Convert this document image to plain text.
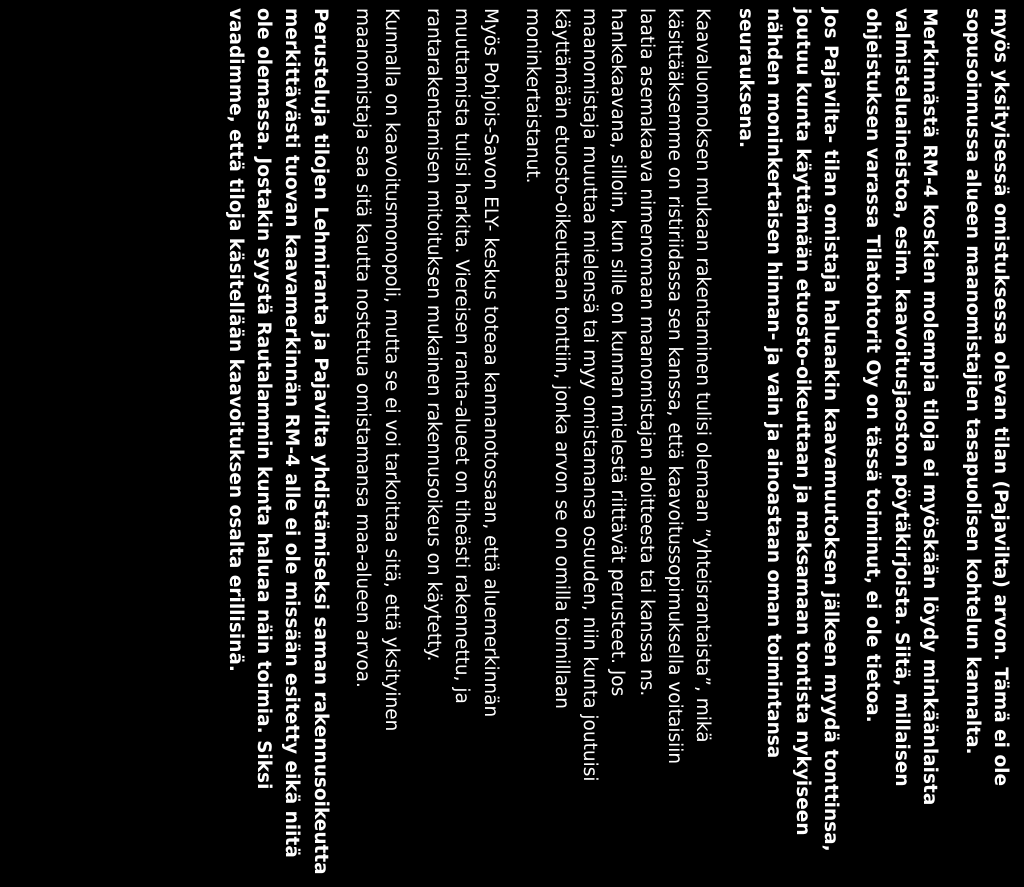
myös yksityisessä omistuksessa olevan tilan (Pajavilta) arvon. Tämä ei ole
sopusoinnussa alueen maanomistajien tasapuolisen kohtelun kannalta.
Merkinnästä RM-4 koskien molempia tiloja ei myöskään löydy minkäänlaista
valmisteluaineistoa, esim. kaavoitusjaoston pöytäkirjoista. Siitä, millaisen
ohjeistuksen varassa Tilatohtorit Oy on tässä toiminut, ei ole tietoa.
Jos Pajavilta- tilan omistaja haluaakin kaavamuutoksen jälkeen myydä tonttinsa,
joutuu kunta käyttämään etuosto-oikeuttaan ja maksamaan tontista nykyiseen
nähden moninkertaisen hinnan- ja vain ja ainoastaan oman toimintansa
seurauksena.
Kaavaluonnoksen mukaan rakentaminen tulisi olemaan ”yhteisrantaista”, mikä
käsittääksemme on ristiriidassa sen kanssa, että kaavoitussopimuksella voitaisiin
laatia asemakaava nimenomaan maanomistajan aloitteesta tai kanssa ns.
hankekaavana, silloin, kun sille on kunnan mielestä riittävät perusteet. Jos
maanomistaja muuttaa mielensä tai myy omistamansa osuuden, niin kunta joutuisi
käyttämään etuosto-oikeuttaan tonttiin, jonka arvon se on omilla toimillaan
moninkertaistanut.
Myös Pohjois-Savon ELY- keskus toteaa kannanotossaan, että aluemerkinnän
muuttamista tulisi harkita. Viereisen ranta-alueet on tiheästi rakennettu, ja
rantarakentamisen mitoituksen mukainen rakennusoikeus on käytetty.
Kunnalla on kaavoitusmonopoli, mutta se ei voi tarkoittaa sitä, että yksityinen
maanomistaja saa sitä kautta nostettua omistamansa maa-alueen arvoa.
Perusteluja tilojen Lehmiranta ja Pajavilta yhdistämiseksi saman rakennusoikeutta
merkittävästi tuovan kaavamerkinnän RM-4 alle ei ole missään esitetty eikä niitä
ole olemassa. Jostakin syystä Rautalammin kunta haluaa näin toimia. Siksi
vaadimme, että tiloja käsitellään kaavoituksen osalta erillisinä.
